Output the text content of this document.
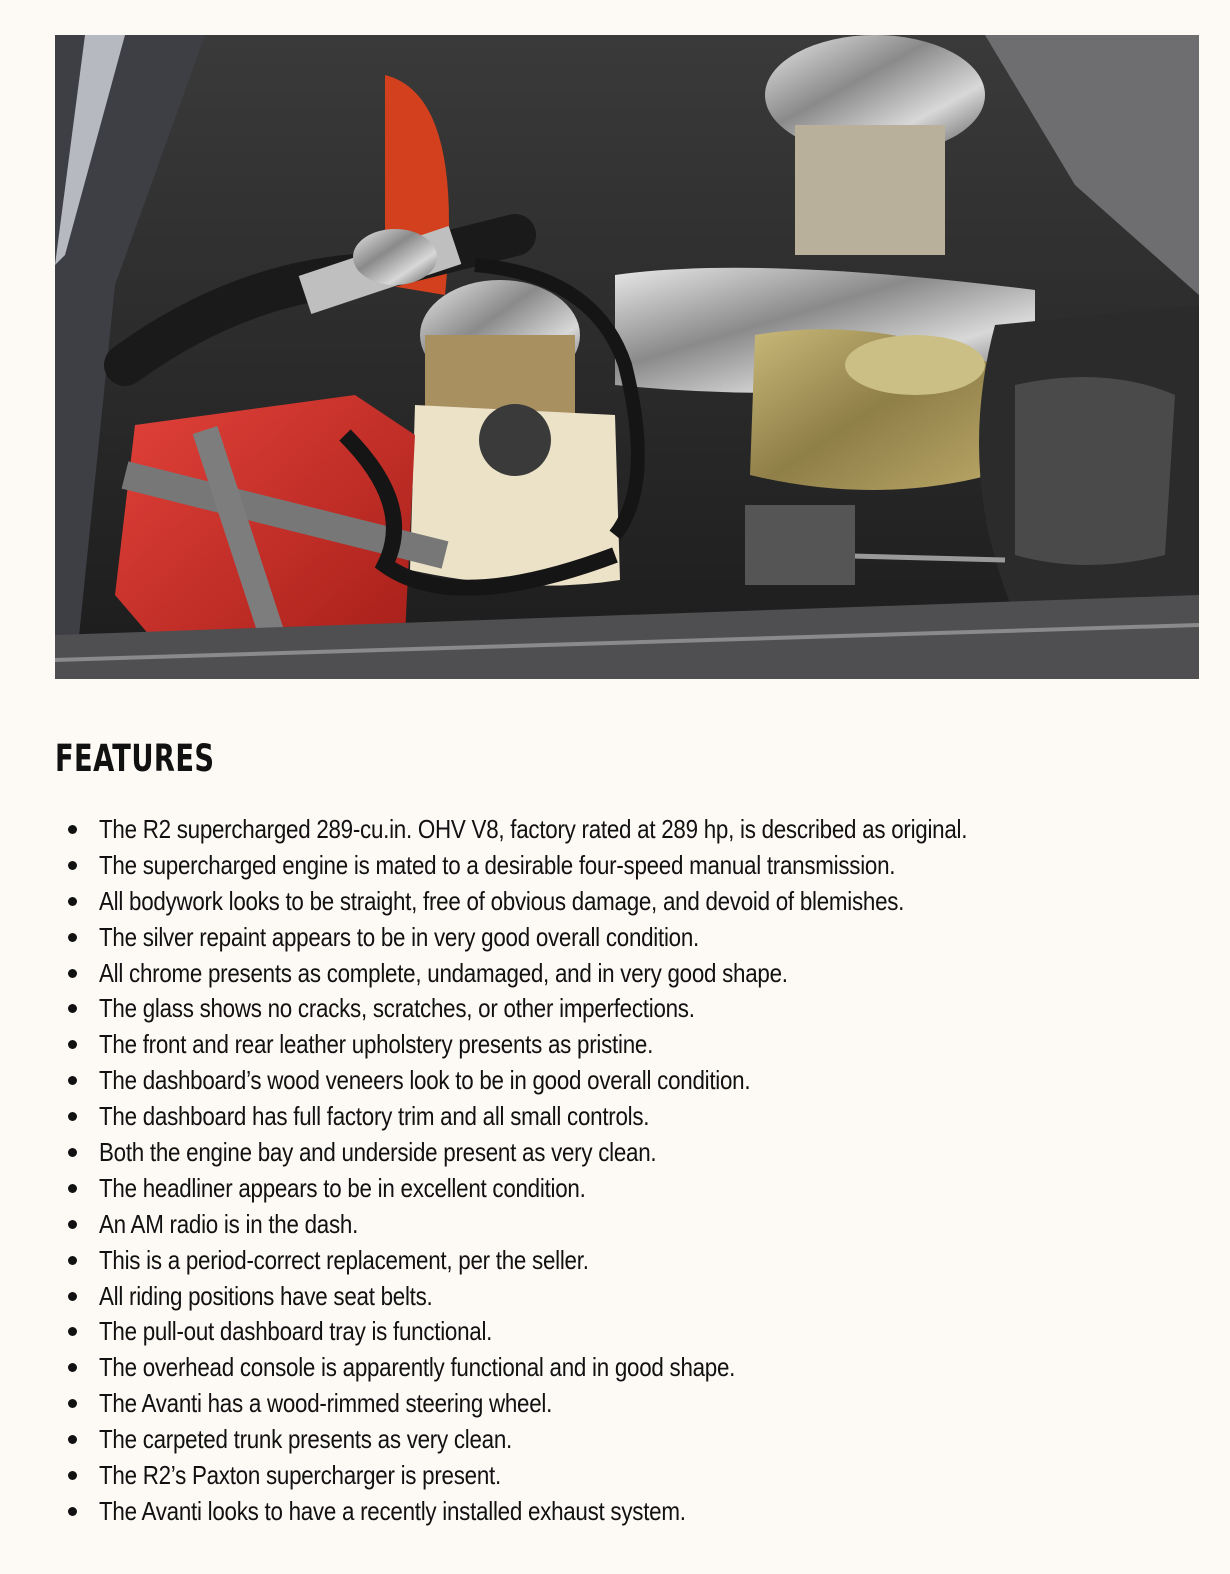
FEATURES
The R2 supercharged 289-cu.in. OHV V8, factory rated at 289 hp, is described as original.
The supercharged engine is mated to a desirable four-speed manual transmission.
All bodywork looks to be straight, free of obvious damage, and devoid of blemishes.
The silver repaint appears to be in very good overall condition.
All chrome presents as complete, undamaged, and in very good shape.
The glass shows no cracks, scratches, or other imperfections.
The front and rear leather upholstery presents as pristine.
The dashboard’s wood veneers look to be in good overall condition.
The dashboard has full factory trim and all small controls.
Both the engine bay and underside present as very clean.
The headliner appears to be in excellent condition.
An AM radio is in the dash.
This is a period-correct replacement, per the seller.
All riding positions have seat belts.
The pull-out dashboard tray is functional.
The overhead console is apparently functional and in good shape.
The Avanti has a wood-rimmed steering wheel.
The carpeted trunk presents as very clean.
The R2’s Paxton supercharger is present.
The Avanti looks to have a recently installed exhaust system.
